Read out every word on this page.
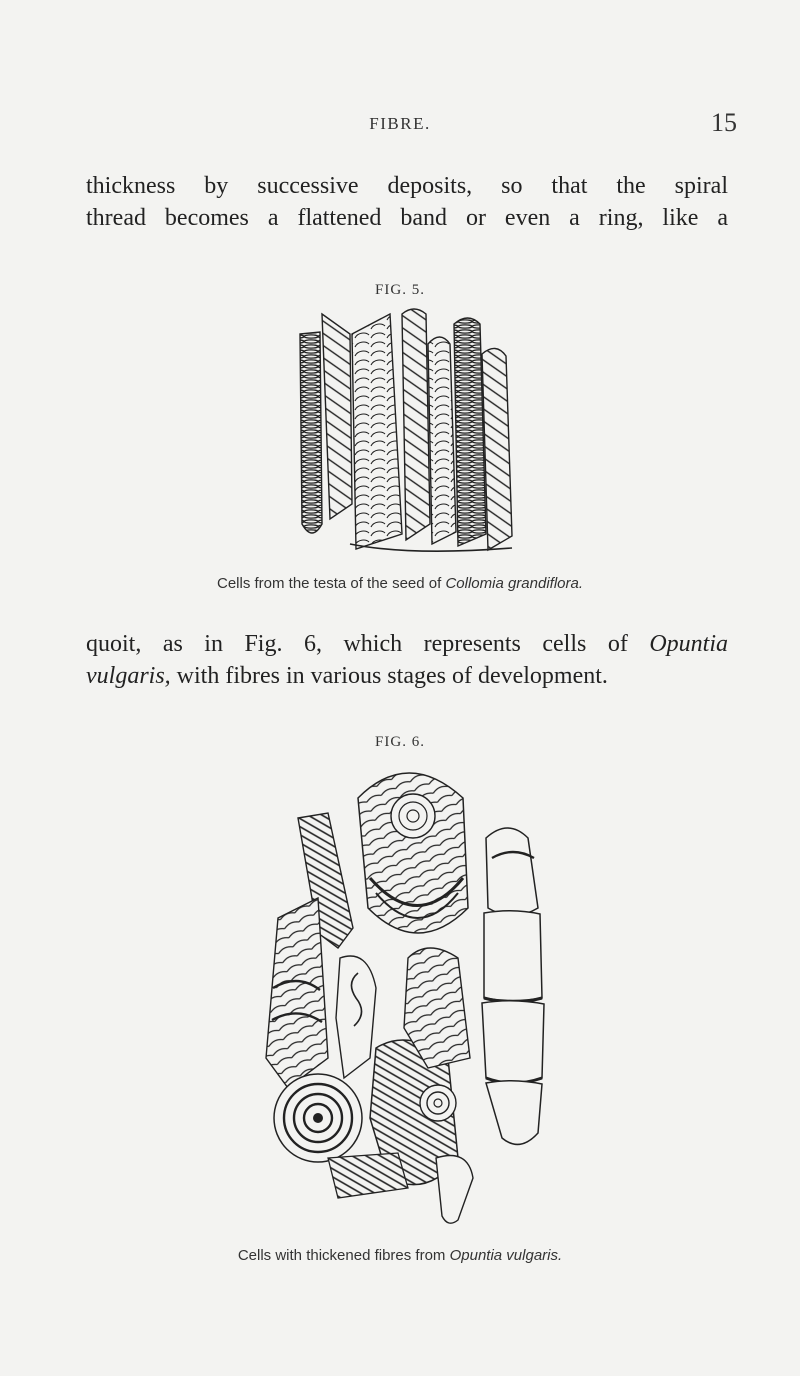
FIBRE.	15

thickness by successive deposits, so that the spiral
thread becomes a flattened band or even a ring, like a

FIG. 5.
Cells from the testa of the seed of Collomia grandiflora.

quoit, as in Fig. 6, which represents cells of Opuntia
vulgaris, with fibres in various stages of development.

FIG. 6.
Cells with thickened fibres from Opuntia vulgaris.
